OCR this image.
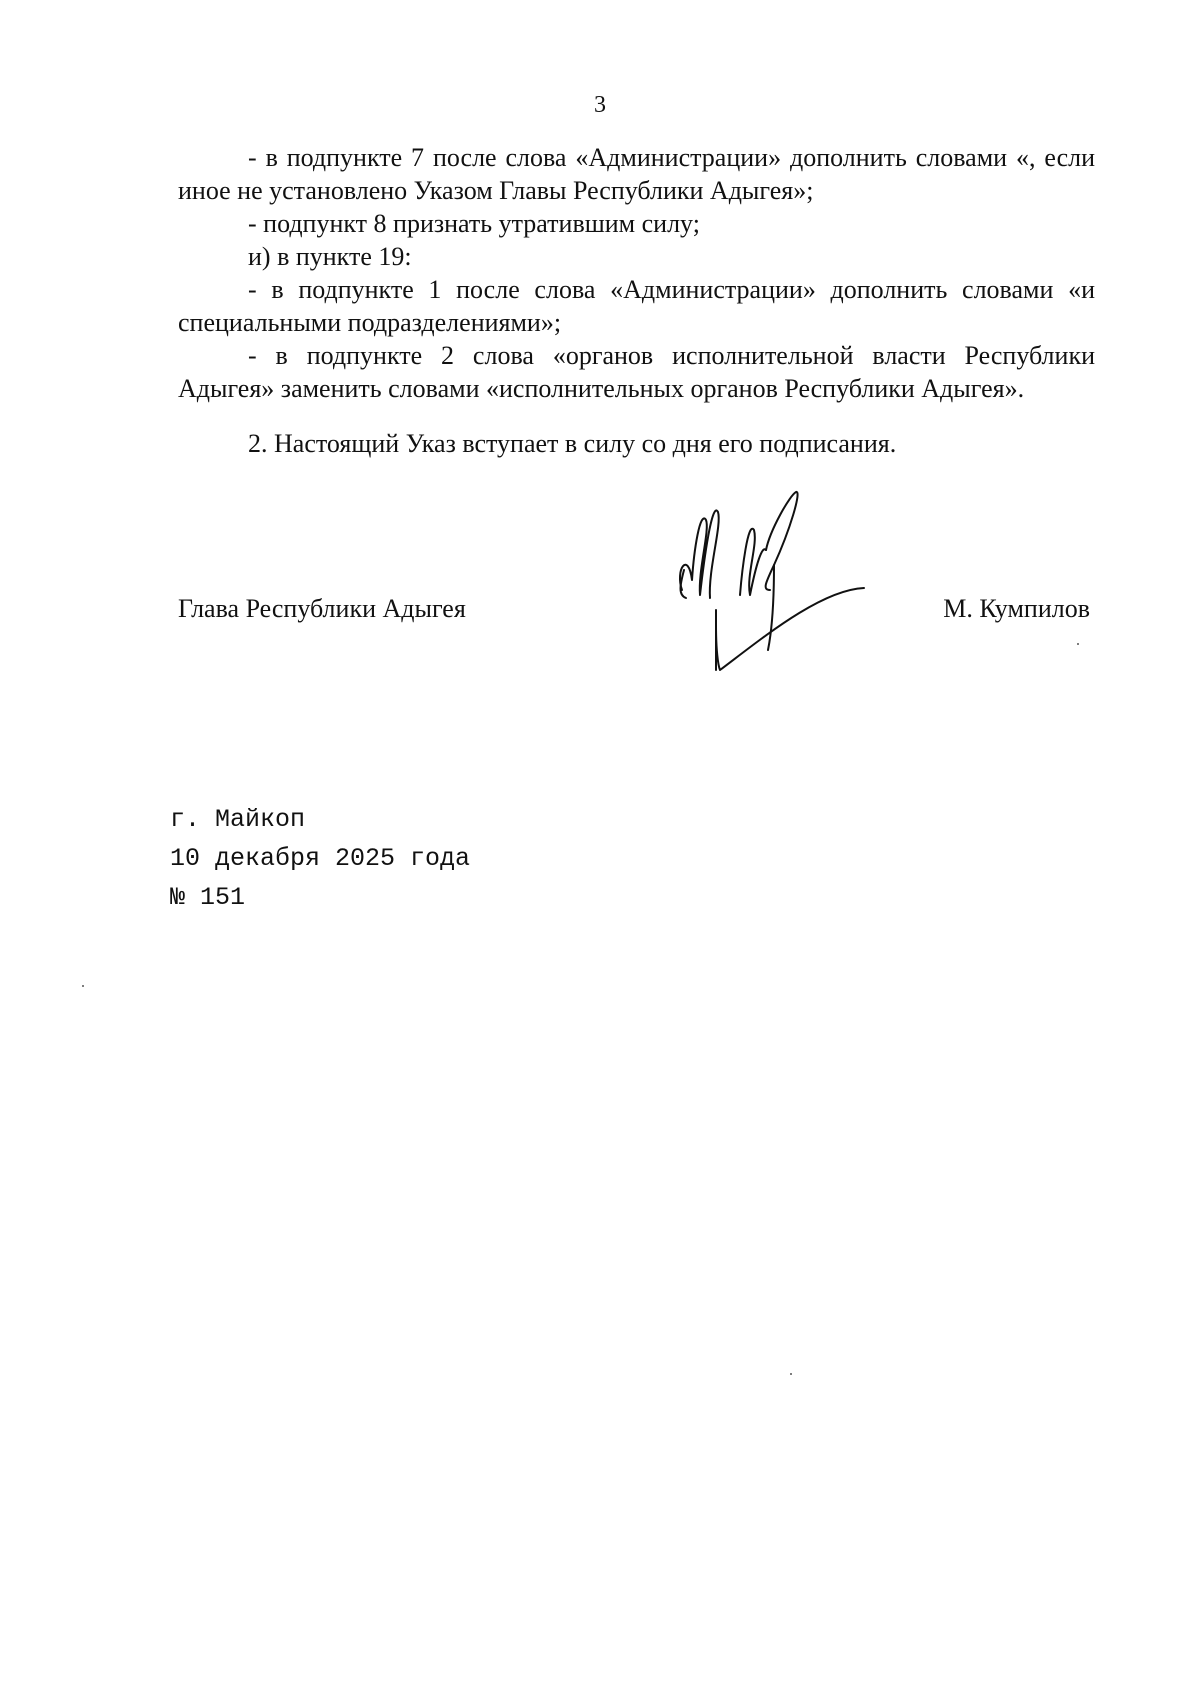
3

- в подпункте 7 после слова «Администрации» дополнить словами «, если иное не установлено Указом Главы Республики Адыгея»;

- подпункт 8 признать утратившим силу;

и) в пункте 19:

- в подпункте 1 после слова «Администрации» дополнить словами «и специальными подразделениями»;

- в подпункте 2 слова «органов исполнительной власти Республики Адыгея» заменить словами «исполнительных органов Республики Адыгея».

2. Настоящий Указ вступает в силу со дня его подписания.

Глава Республики Адыгея	М. Кумпилов
г. Майкоп
10 декабря 2025 года
№ 151
